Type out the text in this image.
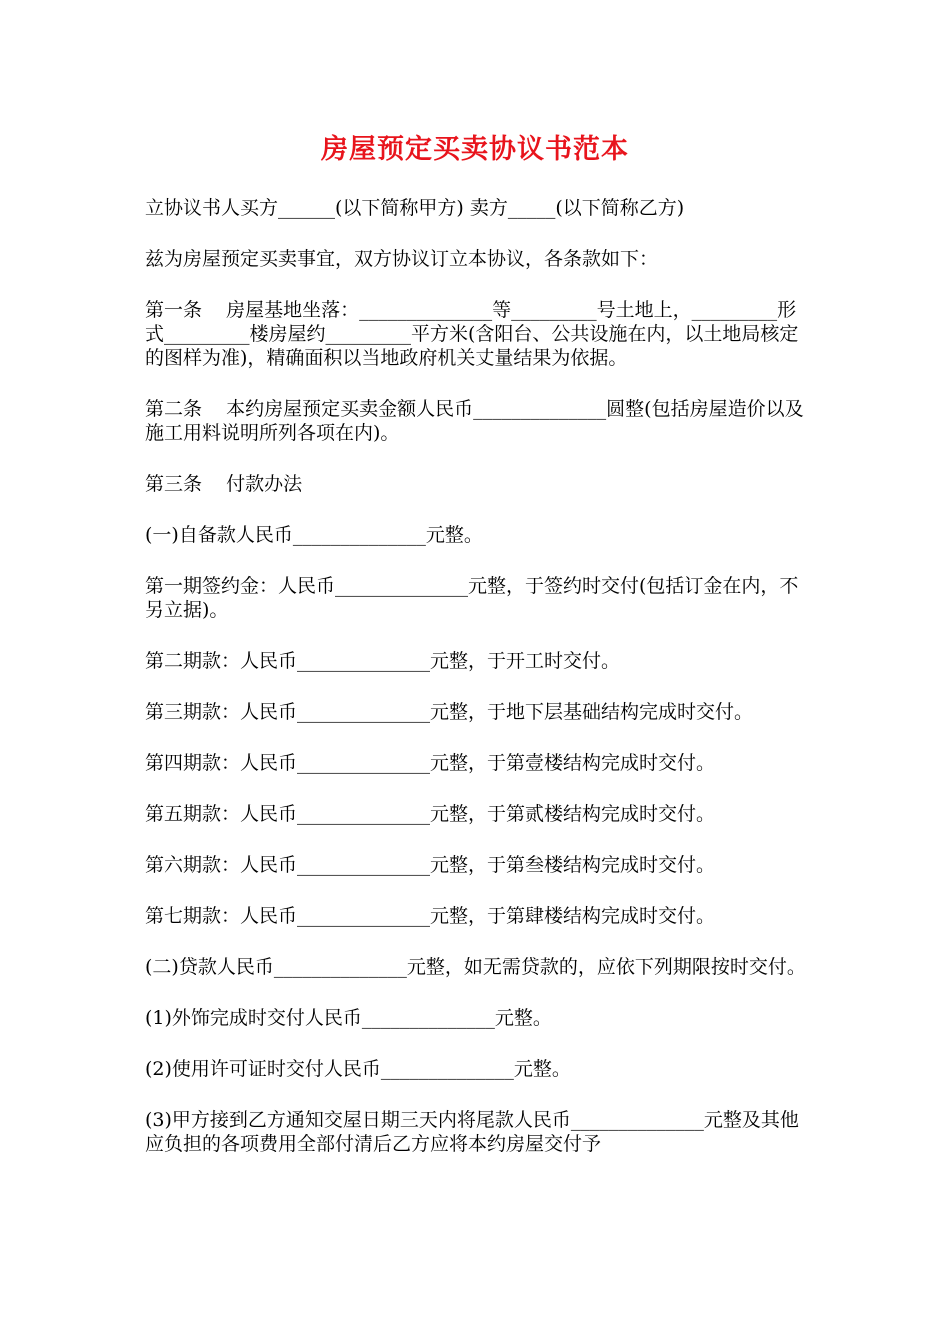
房屋预定买卖协议书范本

立协议书人买方______(以下简称甲方) 卖方_____(以下简称乙方)

兹为房屋预定买卖事宜，双方协议订立本协议，各条款如下：

第一条    房屋基地坐落：______________等_________号土地上，_________形式_________楼房屋约_________平方米(含阳台、公共设施在内，以土地局核定的图样为准)，精确面积以当地政府机关丈量结果为依据。

第二条    本约房屋预定买卖金额人民币______________圆整(包括房屋造价以及施工用料说明所列各项在内)。

第三条    付款办法

(一)自备款人民币______________元整。

第一期签约金：人民币______________元整，于签约时交付(包括订金在内，不另立据)。

第二期款：人民币______________元整，于开工时交付。

第三期款：人民币______________元整，于地下层基础结构完成时交付。

第四期款：人民币______________元整，于第壹楼结构完成时交付。

第五期款：人民币______________元整，于第贰楼结构完成时交付。

第六期款：人民币______________元整，于第叁楼结构完成时交付。

第七期款：人民币______________元整，于第肆楼结构完成时交付。

(二)贷款人民币______________元整，如无需贷款的，应依下列期限按时交付。

(1)外饰完成时交付人民币______________元整。

(2)使用许可证时交付人民币______________元整。

(3)甲方接到乙方通知交屋日期三天内将尾款人民币______________元整及其他应负担的各项费用全部付清后乙方应将本约房屋交付予
